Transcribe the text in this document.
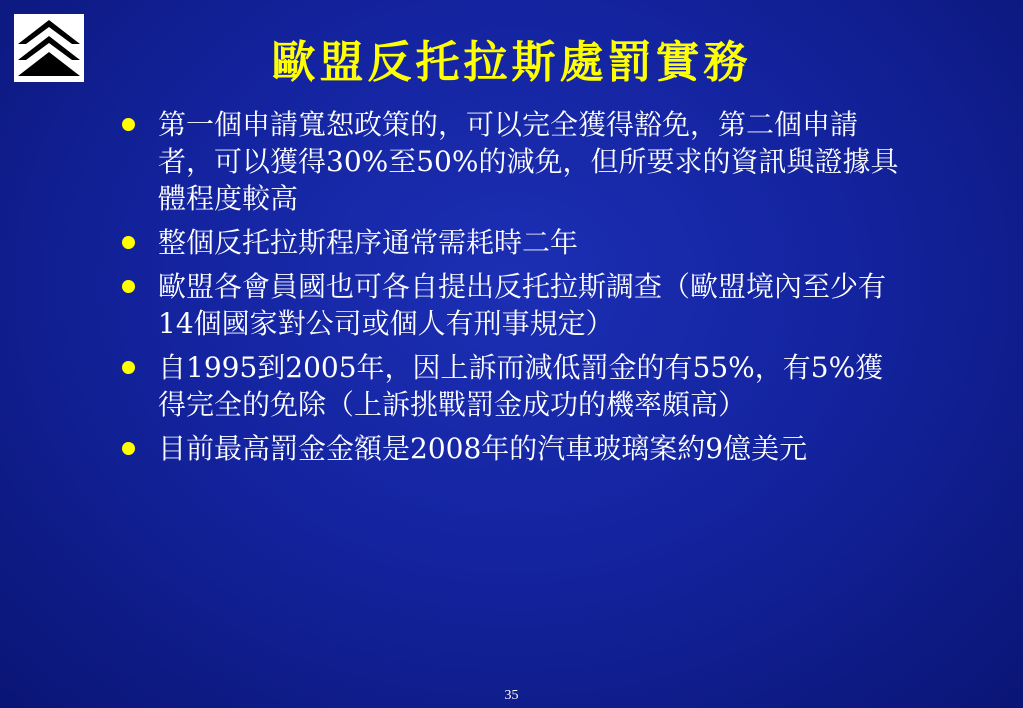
歐盟反托拉斯處罰實務
第一個申請寬恕政策的，可以完全獲得豁免，第二個申請者，可以獲得30%至50%的減免，但所要求的資訊與證據具體程度較高
整個反托拉斯程序通常需耗時二年
歐盟各會員國也可各自提出反托拉斯調查（歐盟境內至少有14個國家對公司或個人有刑事規定）
自1995到2005年，因上訴而減低罰金的有55%，有5%獲得完全的免除（上訴挑戰罰金成功的機率頗高）
目前最高罰金金額是2008年的汽車玻璃案約9億美元
35
